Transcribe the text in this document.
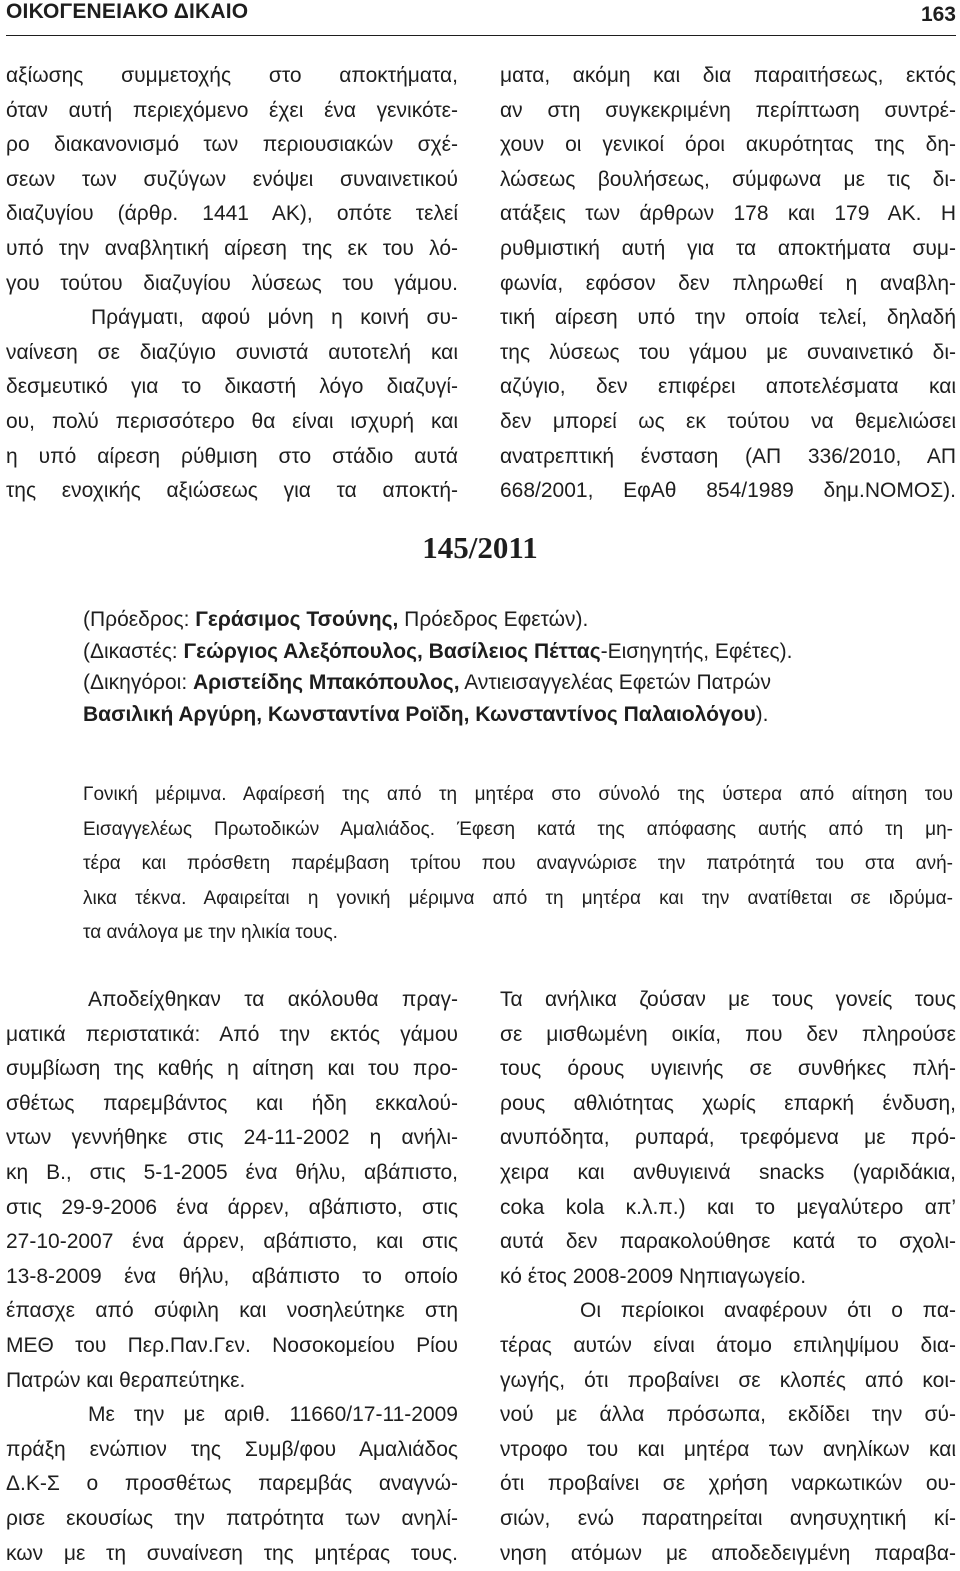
ΟΙΚΟΓΕΝΕΙΑΚΟ ΔΙΚΑΙΟ	163
αξίωσης συμμετοχής στο αποκτήματα,
όταν αυτή περιεχόμενο έχει ένα γενικότε-
ρο διακανονισμό των περιουσιακών σχέ-
σεων των συζύγων ενόψει συναινετικού
διαζυγίου (άρθρ. 1441 ΑΚ), οπότε τελεί
υπό την αναβλητική αίρεση της εκ του λό-
γου τούτου διαζυγίου λύσεως του γάμου.
Πράγματι, αφού μόνη η κοινή συ-
ναίνεση σε διαζύγιο συνιστά αυτοτελή και
δεσμευτικό για το δικαστή λόγο διαζυγί-
ου, πολύ περισσότερο θα είναι ισχυρή και
η υπό αίρεση ρύθμιση στο στάδιο αυτά
της ενοχικής αξιώσεως για τα αποκτή-
ματα, ακόμη και δια παραιτήσεως, εκτός
αν στη συγκεκριμένη περίπτωση συντρέ-
χουν οι γενικοί όροι ακυρότητας της δη-
λώσεως βουλήσεως, σύμφωνα με τις δι-
ατάξεις των άρθρων 178 και 179 ΑΚ. Η
ρυθμιστική αυτή για τα αποκτήματα συμ-
φωνία, εφόσον δεν πληρωθεί η αναβλη-
τική αίρεση υπό την οποία τελεί, δηλαδή
της λύσεως του γάμου με συναινετικό δι-
αζύγιο, δεν επιφέρει αποτελέσματα και
δεν μπορεί ως εκ τούτου να θεμελιώσει
ανατρεπτική ένσταση (ΑΠ 336/2010, ΑΠ
668/2001, ΕφΑθ 854/1989 δημ.ΝΟΜΟΣ).
145/2011
(Πρόεδρος: Γεράσιμος Τσούνης, Πρόεδρος Εφετών).
(Δικαστές: Γεώργιος Αλεξόπουλος, Βασίλειος Πέττας-Εισηγητής, Εφέτες).
(Δικηγόροι: Αριστείδης Μπακόπουλος, Αντιεισαγγελέας Εφετών Πατρών
Βασιλική Αργύρη, Κωνσταντίνα Ροϊδη, Κωνσταντίνος Παλαιολόγου).
Γονική μέριμνα. Αφαίρεσή της από τη μητέρα στο σύνολό της ύστερα από αίτηση του
Εισαγγελέως Πρωτοδικών Αμαλιάδος. Έφεση κατά της απόφασης αυτής από τη μη-
τέρα και πρόσθετη παρέμβαση τρίτου που αναγνώρισε την πατρότητά του στα ανή-
λικα τέκνα. Αφαιρείται η γονική μέριμνα από τη μητέρα και την ανατίθεται σε ιδρύμα-
τα ανάλογα με την ηλικία τους.
Αποδείχθηκαν τα ακόλουθα πραγ-
ματικά περιστατικά: Από την εκτός γάμου
συμβίωση της καθής η αίτηση και του προ-
σθέτως παρεμβάντος και ήδη εκκαλού-
ντων γεννήθηκε στις 24-11-2002 η ανήλι-
κη Β., στις 5-1-2005 ένα θήλυ, αβάπιστο,
στις 29-9-2006 ένα άρρεν, αβάπιστο, στις
27-10-2007 ένα άρρεν, αβάπιστο, και στις
13-8-2009 ένα θήλυ, αβάπιστο το οποίο
έπασχε από σύφιλη και νοσηλεύτηκε στη
ΜΕΘ του Περ.Παν.Γεν. Νοσοκομείου Ρίου
Πατρών και θεραπεύτηκε.
Με την με αριθ. 11660/17-11-2009
πράξη ενώπιον της Συμβ/φου Αμαλιάδος
Δ.Κ-Σ ο προσθέτως παρεμβάς αναγνώ-
ρισε εκουσίως την πατρότητα των ανηλί-
κων με τη συναίνεση της μητέρας τους.
Τα ανήλικα ζούσαν με τους γονείς τους
σε μισθωμένη οικία, που δεν πληρούσε
τους όρους υγιεινής σε συνθήκες πλή-
ρους αθλιότητας χωρίς επαρκή ένδυση,
ανυπόδητα, ρυπαρά, τρεφόμενα με πρό-
χειρα και ανθυγιεινά snacks (γαριδάκια,
coka kola κ.λ.π.) και το μεγαλύτερο απ’
αυτά δεν παρακολούθησε κατά το σχολι-
κό έτος 2008-2009 Νηπιαγωγείο.
Οι περίοικοι αναφέρουν ότι ο πα-
τέρας αυτών είναι άτομο επιληψίμου δια-
γωγής, ότι προβαίνει σε κλοπές από κοι-
νού με άλλα πρόσωπα, εκδίδει την σύ-
ντροφο του και μητέρα των ανηλίκων και
ότι προβαίνει σε χρήση ναρκωτικών ου-
σιών, ενώ παρατηρείται ανησυχητική κί-
νηση ατόμων με αποδεδειγμένη παραβα-
